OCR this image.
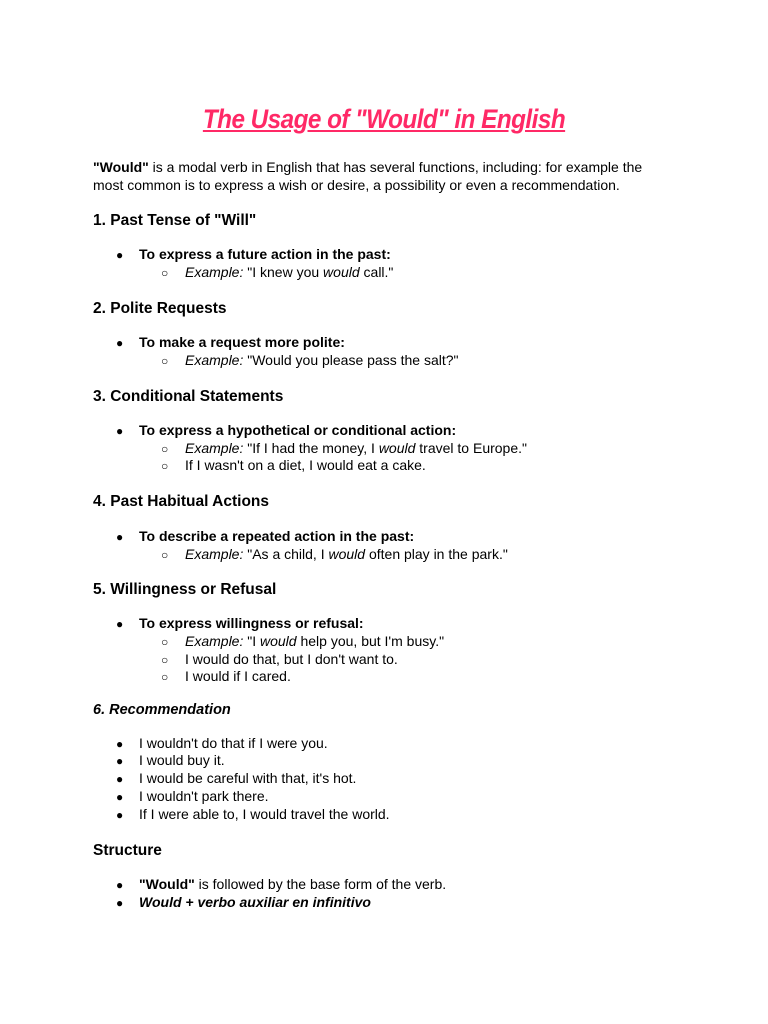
The Usage of "Would" in English
"Would" is a modal verb in English that has several functions, including: for example the
most common is to express a wish or desire, a possibility or even a recommendation.
1. Past Tense of "Will"
● To express a future action in the past:
○ Example: "I knew you would call."
2. Polite Requests
● To make a request more polite:
○ Example: "Would you please pass the salt?"
3. Conditional Statements
● To express a hypothetical or conditional action:
○ Example: "If I had the money, I would travel to Europe."
○ If I wasn't on a diet, I would eat a cake.
4. Past Habitual Actions
● To describe a repeated action in the past:
○ Example: "As a child, I would often play in the park."
5. Willingness or Refusal
● To express willingness or refusal:
○ Example: "I would help you, but I'm busy."
○ I would do that, but I don't want to.
○ I would if I cared.
6. Recommendation
● I wouldn't do that if I were you.
● I would buy it.
● I would be careful with that, it's hot.
● I wouldn't park there.
● If I were able to, I would travel the world.
Structure
● "Would" is followed by the base form of the verb.
● Would + verbo auxiliar en infinitivo
